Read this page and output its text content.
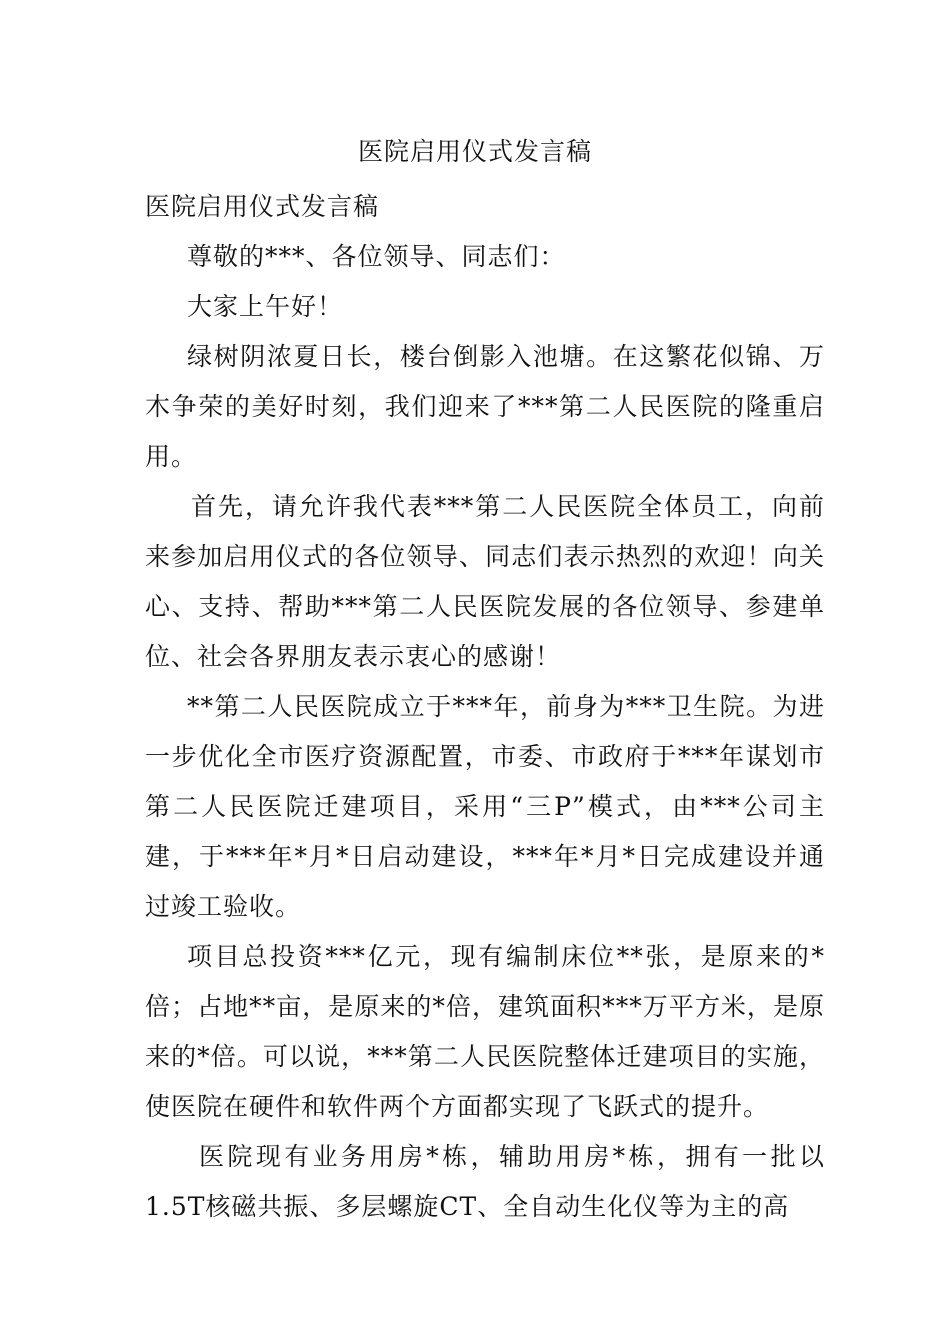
医院启用仪式发言稿

医院启用仪式发言稿

尊敬的***、各位领导、同志们：

大家上午好！

绿树阴浓夏日长，楼台倒影入池塘。在这繁花似锦、万木争荣的美好时刻，我们迎来了***第二人民医院的隆重启用。

首先，请允许我代表***第二人民医院全体员工，向前来参加启用仪式的各位领导、同志们表示热烈的欢迎！向关心、支持、帮助***第二人民医院发展的各位领导、参建单位、社会各界朋友表示衷心的感谢！

**第二人民医院成立于***年，前身为***卫生院。为进一步优化全市医疗资源配置，市委、市政府于***年谋划市第二人民医院迁建项目，采用“三P”模式，由***公司主建，于***年*月*日启动建设，***年*月*日完成建设并通过竣工验收。

项目总投资***亿元，现有编制床位**张，是原来的*倍；占地**亩，是原来的*倍，建筑面积***万平方米，是原来的*倍。可以说，***第二人民医院整体迁建项目的实施，使医院在硬件和软件两个方面都实现了飞跃式的提升。

医院现有业务用房*栋，辅助用房*栋，拥有一批以1.5T核磁共振、多层螺旋CT、全自动生化仪等为主的高
